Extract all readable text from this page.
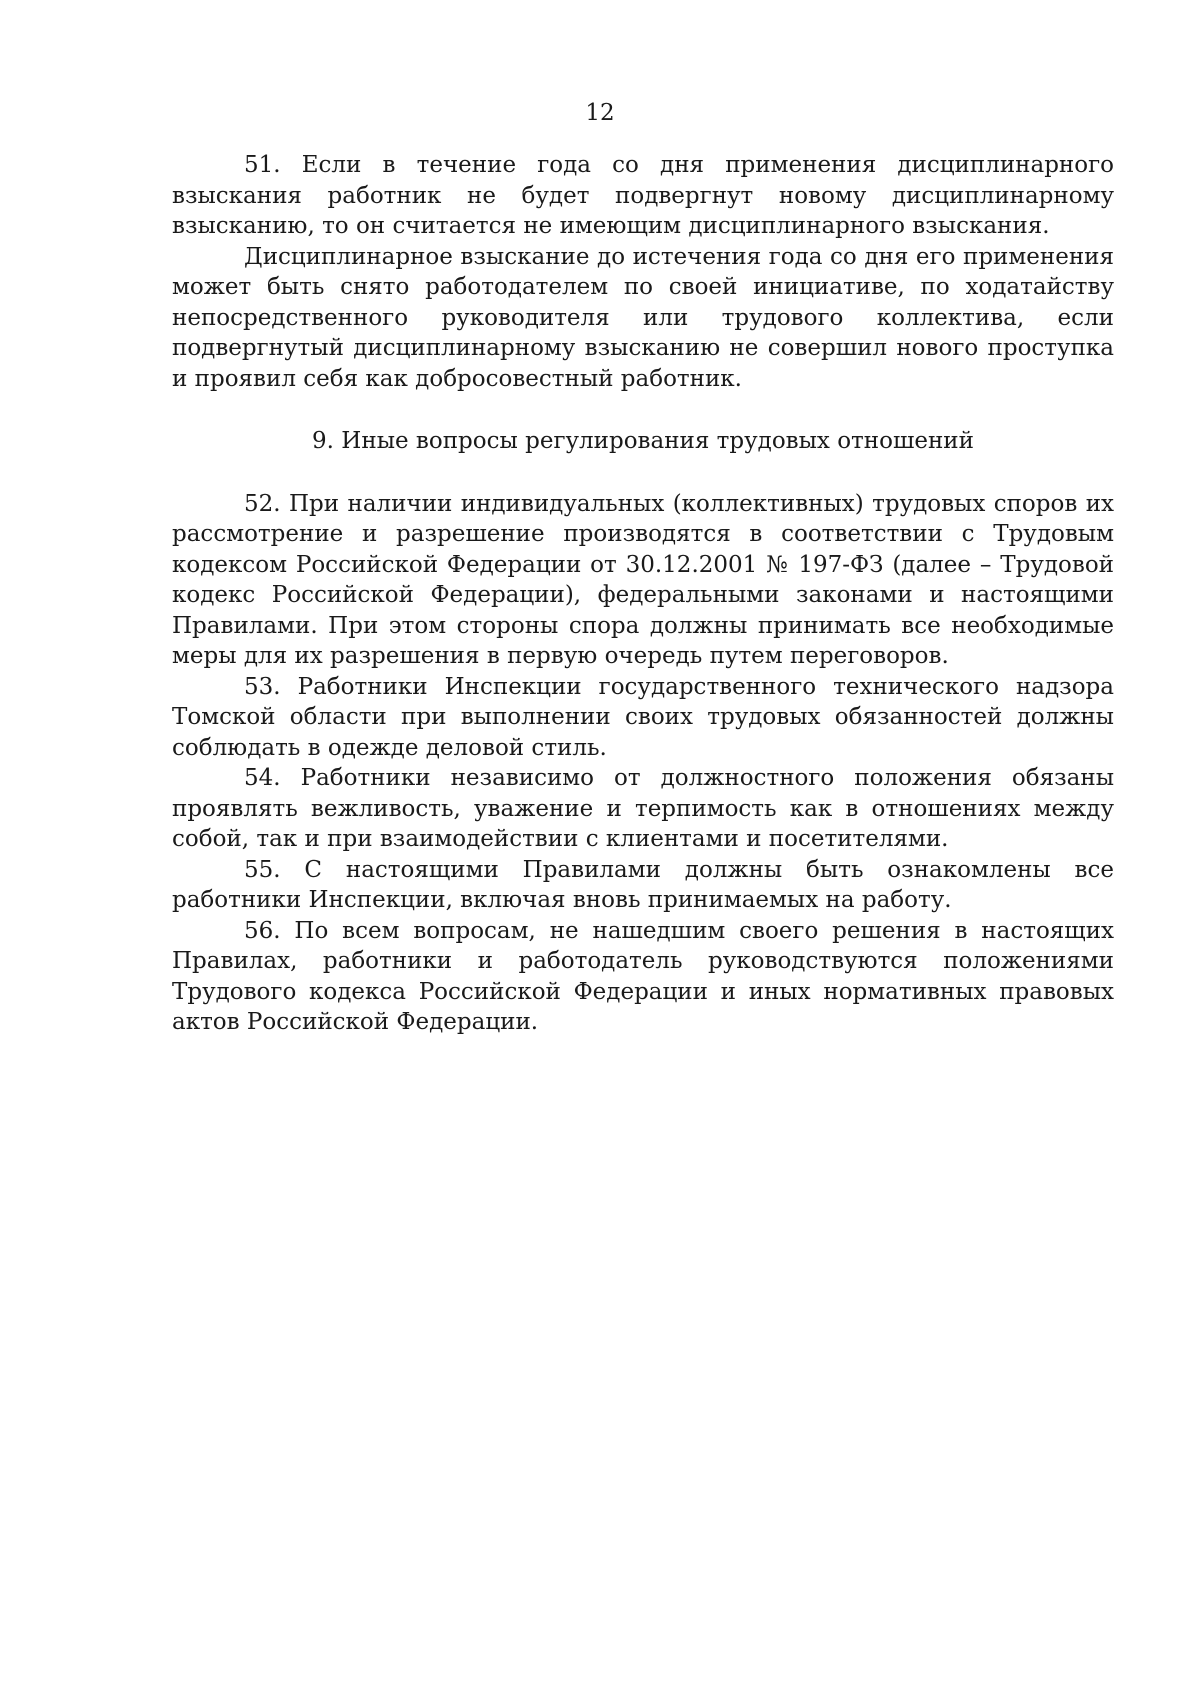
12

51. Если в течение года со дня применения дисциплинарного взыскания работник не будет подвергнут новому дисциплинарному взысканию, то он считается не имеющим дисциплинарного взыскания.

Дисциплинарное взыскание до истечения года со дня его применения может быть снято работодателем по своей инициативе, по ходатайству непосредственного руководителя или трудового коллектива, если подвергнутый дисциплинарному взысканию не совершил нового проступка и проявил себя как добросовестный работник.

9. Иные вопросы регулирования трудовых отношений

52. При наличии индивидуальных (коллективных) трудовых споров их рассмотрение и разрешение производятся в соответствии с Трудовым кодексом Российской Федерации от 30.12.2001 № 197-ФЗ (далее – Трудовой кодекс Российской Федерации), федеральными законами и настоящими Правилами. При этом стороны спора должны принимать все необходимые меры для их разрешения в первую очередь путем переговоров.

53. Работники Инспекции государственного технического надзора Томской области при выполнении своих трудовых обязанностей должны соблюдать в одежде деловой стиль.

54. Работники независимо от должностного положения обязаны проявлять вежливость, уважение и терпимость как в отношениях между собой, так и при взаимодействии с клиентами и посетителями.

55. С настоящими Правилами должны быть ознакомлены все работники Инспекции, включая вновь принимаемых на работу.

56. По всем вопросам, не нашедшим своего решения в настоящих Правилах, работники и работодатель руководствуются положениями Трудового кодекса Российской Федерации и иных нормативных правовых актов Российской Федерации.
